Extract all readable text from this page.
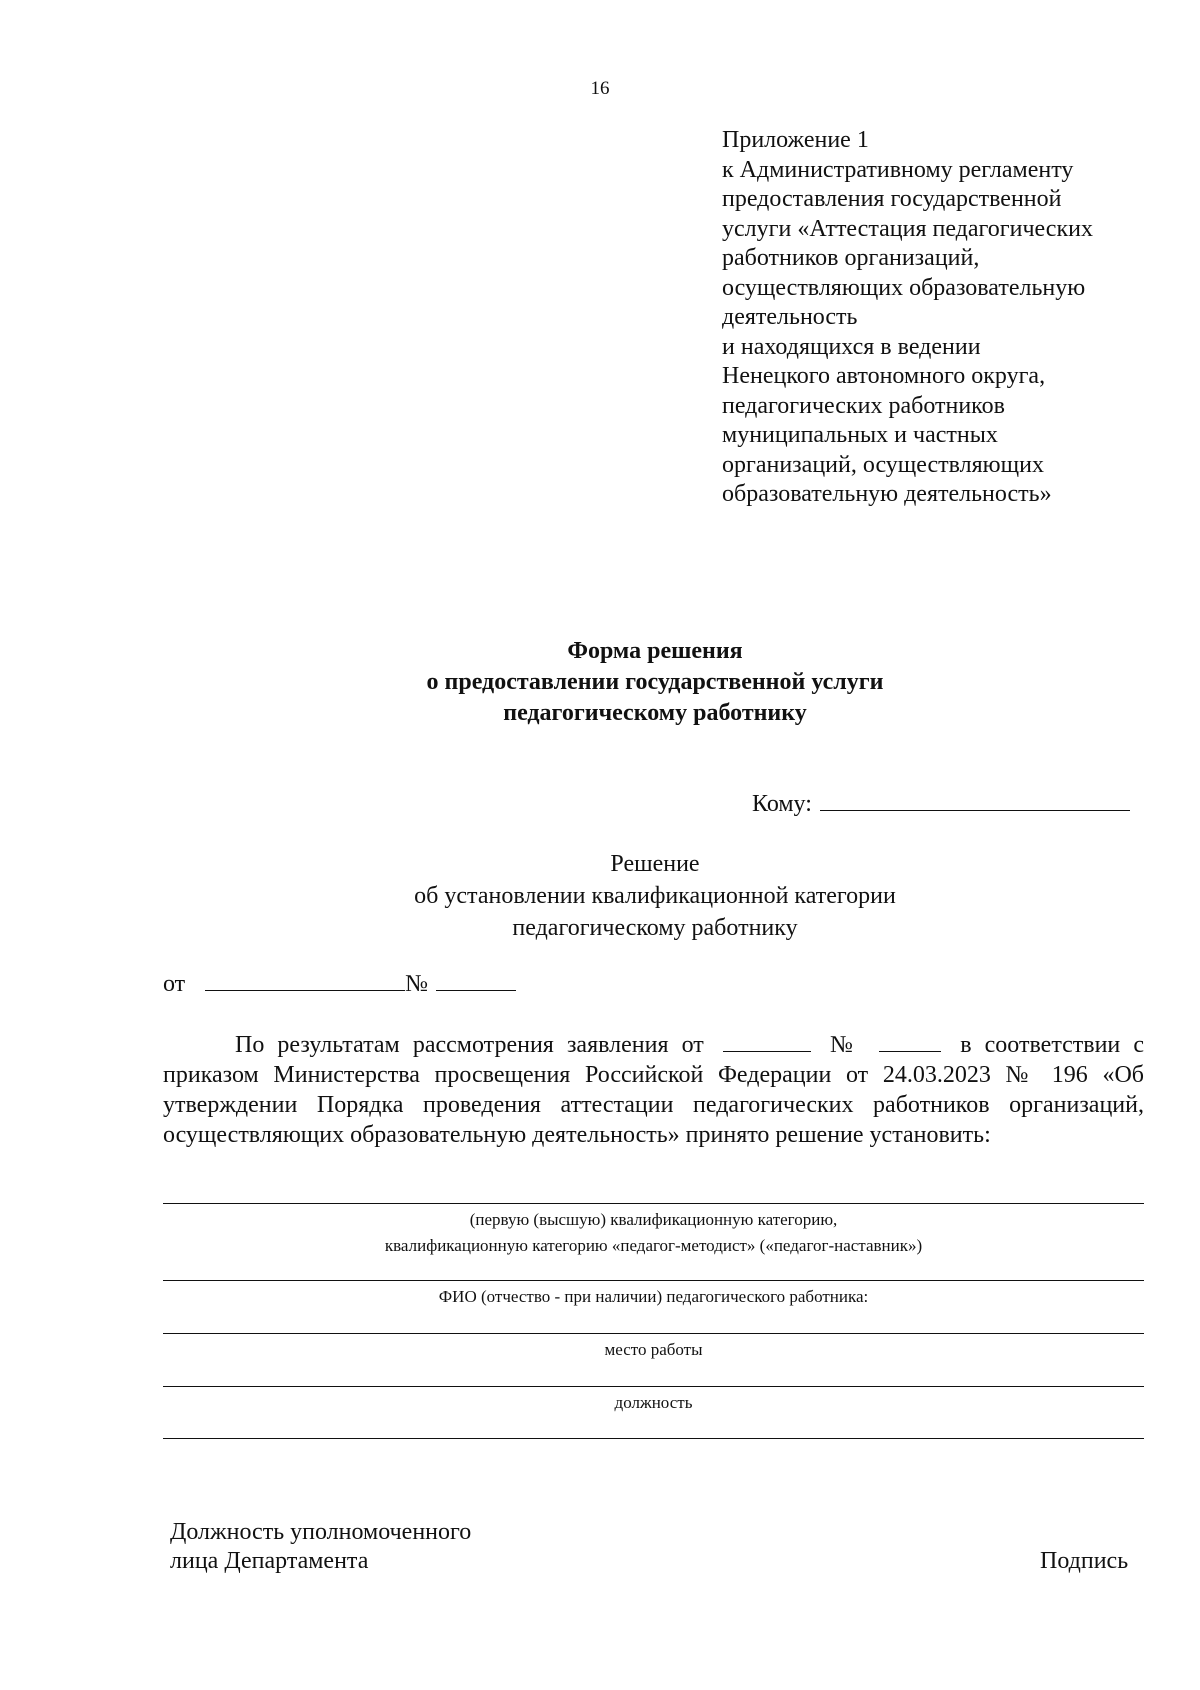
16
Приложение 1
к Административному регламенту
предоставления государственной
услуги «Аттестация педагогических
работников организаций,
осуществляющих образовательную
деятельность
и находящихся в ведении
Ненецкого автономного округа,
педагогических работников
муниципальных и частных
организаций, осуществляющих
образовательную деятельность»
Форма решения
о предоставлении государственной услуги
педагогическому работнику
Кому:
Решение
об установлении квалификационной категории
педагогическому работнику
от	№
По результатам рассмотрения заявления от	№	в соответствии с приказом Министерства просвещения Российской Федерации от 24.03.2023 № 196 «Об утверждении Порядка проведения аттестации педагогических работников организаций, осуществляющих образовательную деятельность» принято решение установить:
(первую (высшую) квалификационную категорию,
квалификационную категорию «педагог-методист» («педагог-наставник»)
ФИО (отчество - при наличии) педагогического работника:
место работы
должность
Должность уполномоченного
лица Департамента	Подпись
